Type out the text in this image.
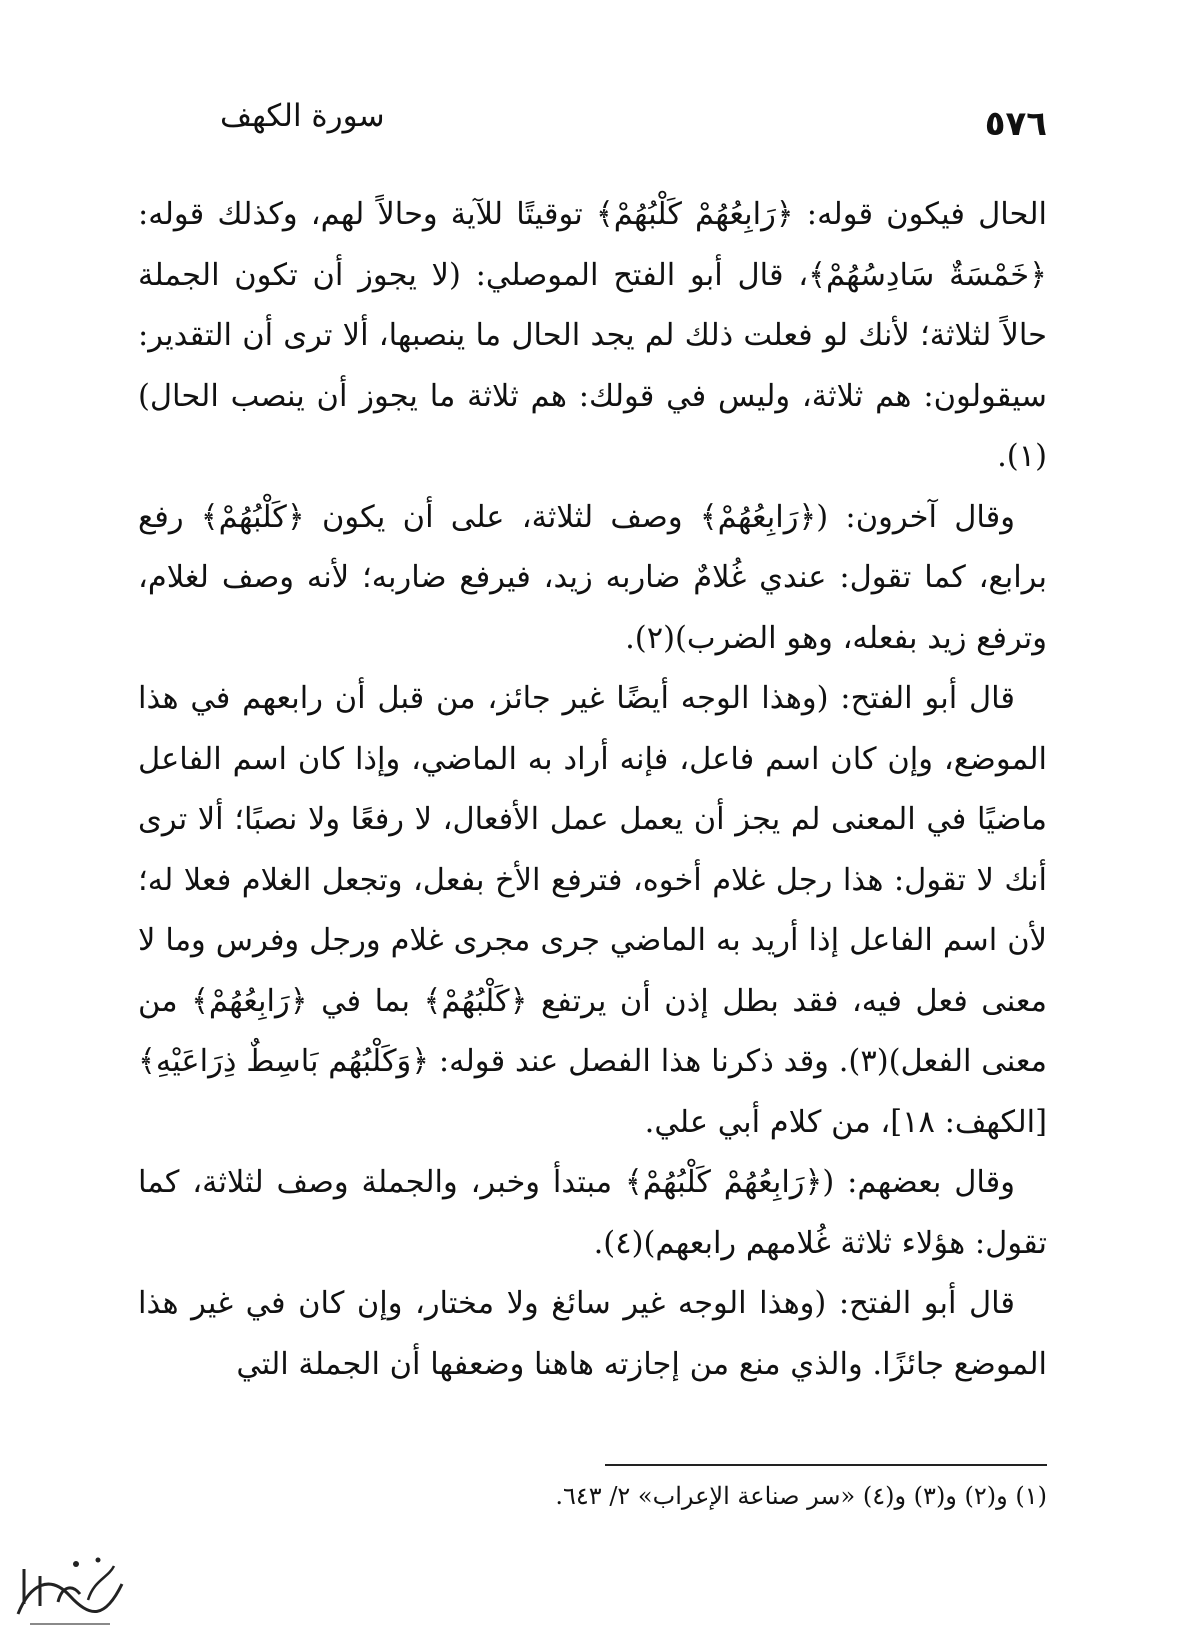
٥٧٦
سورة الكهف

الحال فيكون قوله: ﴿رَابِعُهُمْ كَلْبُهُمْ﴾ توقيتًا للآية وحالاً لهم، وكذلك قوله: ﴿خَمْسَةٌ سَادِسُهُمْ﴾، قال أبو الفتح الموصلي: (لا يجوز أن تكون الجملة حالاً لثلاثة؛ لأنك لو فعلت ذلك لم يجد الحال ما ينصبها، ألا ترى أن التقدير: سيقولون: هم ثلاثة، وليس في قولك: هم ثلاثة ما يجوز أن ينصب الحال)(١).

وقال آخرون: (﴿رَابِعُهُمْ﴾ وصف لثلاثة، على أن يكون ﴿كَلْبُهُمْ﴾ رفع برابع، كما تقول: عندي غُلامٌ ضاربه زيد، فيرفع ضاربه؛ لأنه وصف لغلام، وترفع زيد بفعله، وهو الضرب)(٢).

قال أبو الفتح: (وهذا الوجه أيضًا غير جائز، من قبل أن رابعهم في هذا الموضع، وإن كان اسم فاعل، فإنه أراد به الماضي، وإذا كان اسم الفاعل ماضيًا في المعنى لم يجز أن يعمل عمل الأفعال، لا رفعًا ولا نصبًا؛ ألا ترى أنك لا تقول: هذا رجل غلام أخوه، فترفع الأخ بفعل، وتجعل الغلام فعلا له؛ لأن اسم الفاعل إذا أريد به الماضي جرى مجرى غلام ورجل وفرس وما لا معنى فعل فيه، فقد بطل إذن أن يرتفع ﴿كَلْبُهُمْ﴾ بما في ﴿رَابِعُهُمْ﴾ من معنى الفعل)(٣). وقد ذكرنا هذا الفصل عند قوله: ﴿وَكَلْبُهُم بَاسِطٌ ذِرَاعَيْهِ﴾ [الكهف: ١٨]، من كلام أبي علي.

وقال بعضهم: (﴿رَابِعُهُمْ كَلْبُهُمْ﴾ مبتدأ وخبر، والجملة وصف لثلاثة، كما تقول: هؤلاء ثلاثة غُلامهم رابعهم)(٤).

قال أبو الفتح: (وهذا الوجه غير سائغ ولا مختار، وإن كان في غير هذا الموضع جائزًا. والذي منع من إجازته هاهنا وضعفها أن الجملة التي

(١) و(٢) و(٣) و(٤) «سر صناعة الإعراب» ٢/ ٦٤٣.
